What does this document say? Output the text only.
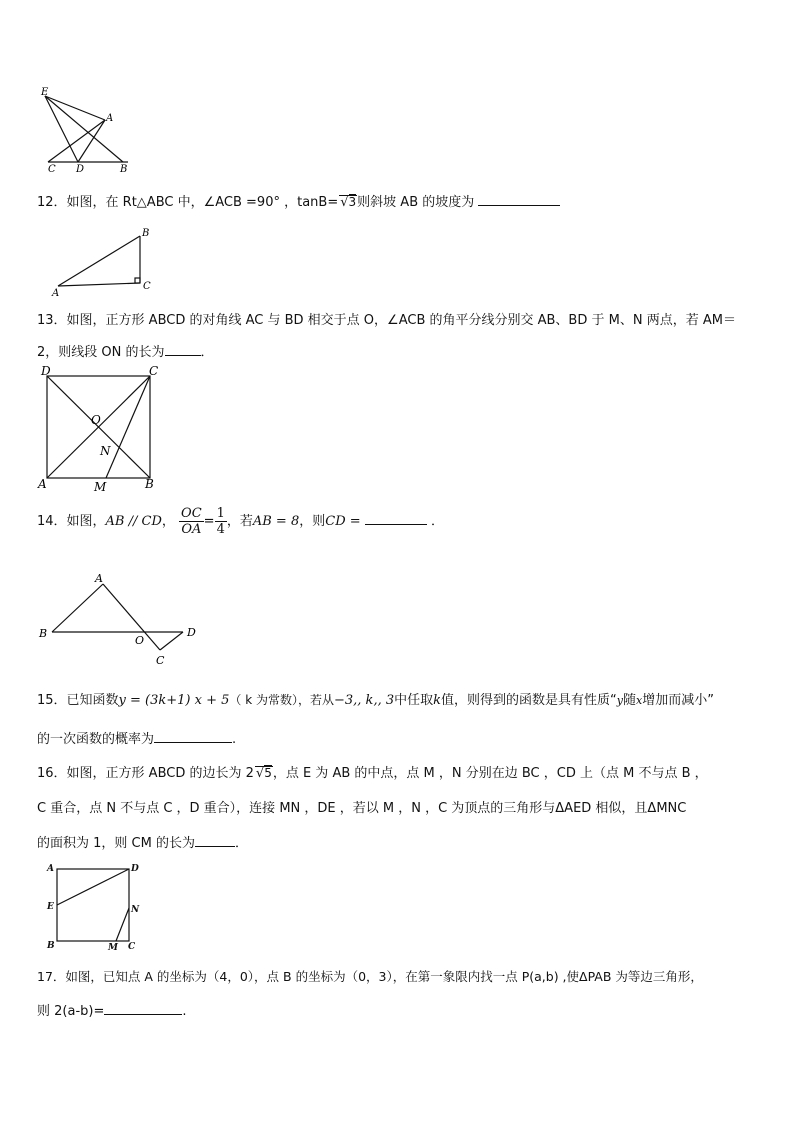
E
A
C D	B
12．如图，在 Rt△ABC 中，∠ACB =90° ，tanB= √3则斜坡 AB 的坡度为
B
A
C
13．如图，正方形 ABCD 的对角线 AC 与 BD 相交于点 O，∠ACB 的角平分线分别交 AB、BD 于 M、N 两点，若 AM＝
2，则线段 ON 的长为	．
D	C
O
N
A	M	B
14．如图，AB // CD， $\frac{OC}{OA} = \frac{1}{4}$ ，若AB = 8，则CD =	．
A
B
O
D
C
15．已知函数y = (3k+1) x + 5（ k 为常数），若从−3,, k,, 3中任取k值，则得到的函数是具有性质“y随x增加而减小”
的一次函数的概率为	.
16．如图，正方形 ABCD 的边长为 2 √5，点 E 为 AB 的中点，点 M ，N 分别在边 BC ，CD 上（点 M 不与点 B ，
C 重合，点 N 不与点 C ，D 重合），连接 MN ，DE ，若以 M ，N ，C 为顶点的三角形与ΔAED 相似，且ΔMNC
的面积为 1，则 CM 的长为	．
A	D
E	N
B	M C
17．如图，已知点 A 的坐标为（4，0），点 B 的坐标为（0，3），在第一象限内找一点 P(a,b) ,使ΔPAB 为等边三角形，
则 2(a-b)=	.
